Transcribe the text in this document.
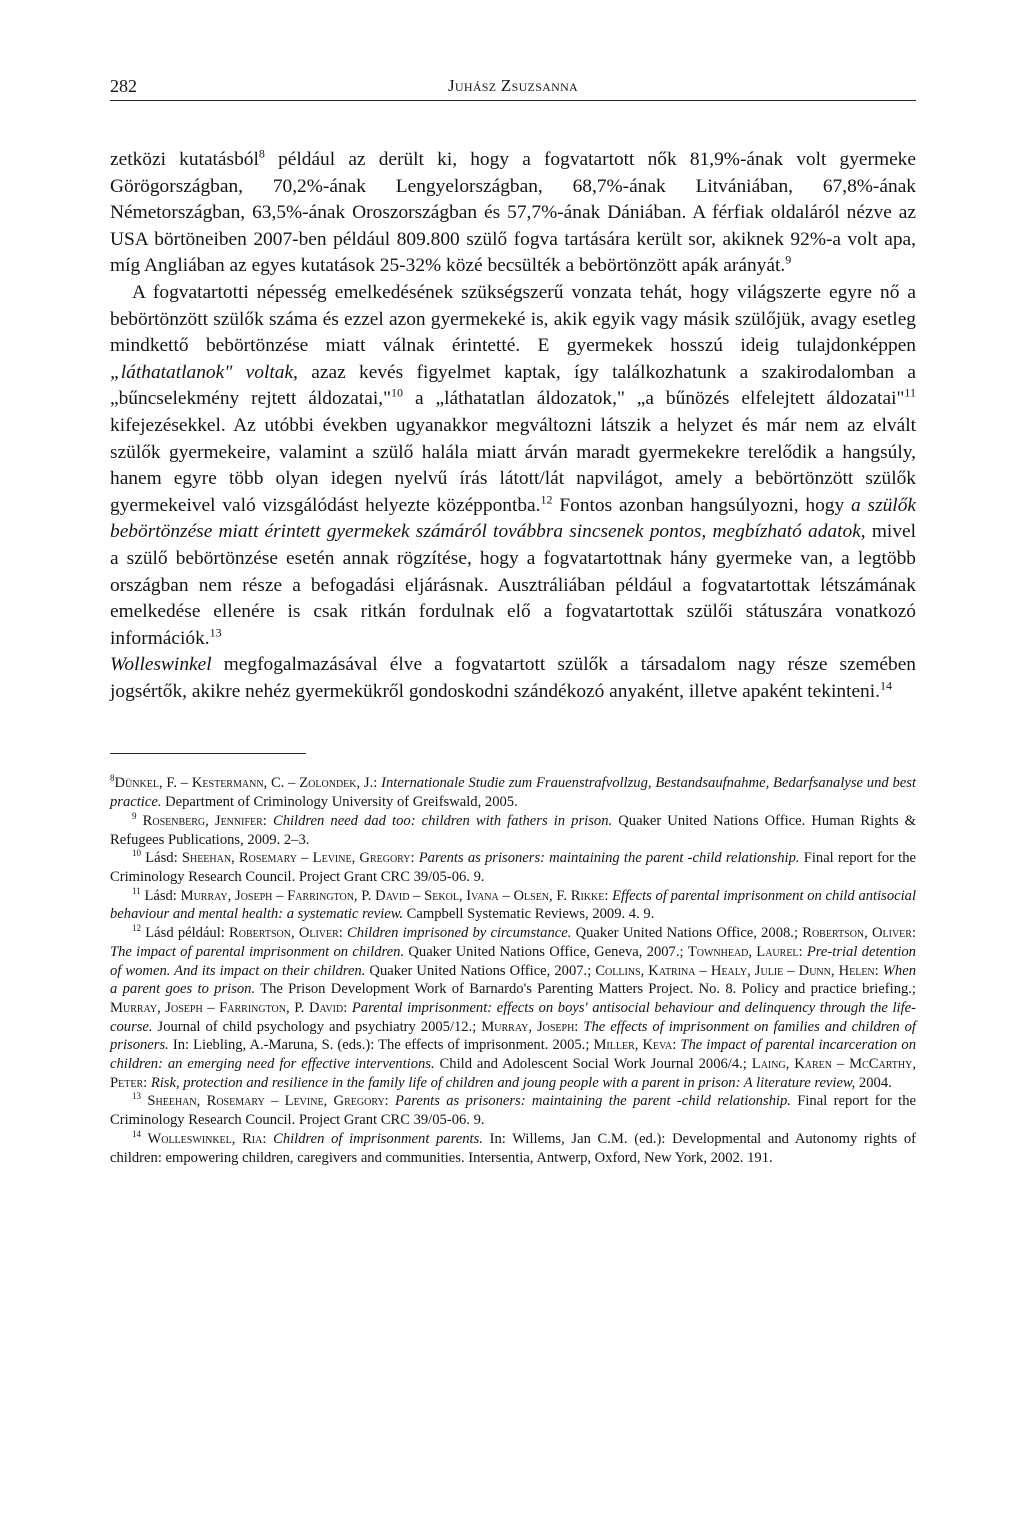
282	Juhász Zsuzsanna

zetközi kutatásból$^8$ például az derült ki, hogy a fogvatartott nők 81,9%-ának volt gyermeke Görögországban, 70,2%-ának Lengyelországban, 68,7%-ának Litvániában, 67,8%-ának Németországban, 63,5%-ának Oroszországban és 57,7%-ának Dániában. A férfiak oldaláról nézve az USA börtöneiben 2007-ben például 809.800 szülő fogva tartására került sor, akiknek 92%-a volt apa, míg Angliában az egyes kutatások 25-32% közé becsülték a bebörtönzött apák arányát.$^9$

A fogvatartotti népesség emelkedésének szükségszerű vonzata tehát, hogy világszerte egyre nő a bebörtönzött szülők száma és ezzel azon gyermekeké is, akik egyik vagy másik szülőjük, avagy esetleg mindkettő bebörtönzése miatt válnak érintetté. E gyermekek hosszú ideig tulajdonképpen „láthatatlanok" voltak, azaz kevés figyelmet kaptak, így találkozhatunk a szakirodalomban a „bűncselekmény rejtett áldozatai,"$^{10}$ a „láthatatlan áldozatok," „a bűnözés elfelejtett áldozatai"$^{11}$ kifejezésekkel. Az utóbbi években ugyanakkor megváltozni látszik a helyzet és már nem az elvált szülők gyermekeire, valamint a szülő halála miatt árván maradt gyermekekre terelődik a hangsúly, hanem egyre több olyan idegen nyelvű írás látott/lát napvilágot, amely a bebörtönzött szülők gyermekeivel való vizsgálódást helyezte középpontba.$^{12}$ Fontos azonban hangsúlyozni, hogy a szülők bebörtönzése miatt érintett gyermekek számáról továbbra sincsenek pontos, megbízható adatok, mivel a szülő bebörtönzése esetén annak rögzítése, hogy a fogvatartottnak hány gyermeke van, a legtöbb országban nem része a befogadási eljárásnak. Ausztráliában például a fogvatartottak létszámának emelkedése ellenére is csak ritkán fordulnak elő a fogvatartottak szülői státuszára vonatkozó információk.$^{13}$
Wolleswinkel megfogalmazásával élve a fogvatartott szülők a társadalom nagy része szemében jogsértők, akikre nehéz gyermekükről gondoskodni szándékozó anyaként, illetve apaként tekinteni.$^{14}$

$^8$Dünkel, F. – Kestermann, C. – Zolondek, J.: Internationale Studie zum Frauenstrafvollzug, Bestandsaufnahme, Bedarfsanalyse und best practice. Department of Criminology University of Greifswald, 2005.

$^9$ Rosenberg, Jennifer: Children need dad too: children with fathers in prison. Quaker United Nations Office. Human Rights & Refugees Publications, 2009. 2–3.

$^{10}$ Lásd: Sheehan, Rosemary – Levine, Gregory: Parents as prisoners: maintaining the parent -child relationship. Final report for the Criminology Research Council. Project Grant CRC 39/05-06. 9.

$^{11}$ Lásd: Murray, Joseph – Farrington, P. David – Sekol, Ivana – Olsen, F. Rikke: Effects of parental imprisonment on child antisocial behaviour and mental health: a systematic review. Campbell Systematic Reviews, 2009. 4. 9.

$^{12}$ Lásd például: Robertson, Oliver: Children imprisoned by circumstance. Quaker United Nations Office, 2008.; Robertson, Oliver: The impact of parental imprisonment on children. Quaker United Nations Office, Geneva, 2007.; Townhead, Laurel: Pre-trial detention of women. And its impact on their children. Quaker United Nations Office, 2007.; Collins, Katrina – Healy, Julie – Dunn, Helen: When a parent goes to prison. The Prison Development Work of Barnardo's Parenting Matters Project. No. 8. Policy and practice briefing.; Murray, Joseph – Farrington, P. David: Parental imprisonment: effects on boys' antisocial behaviour and delinquency through the life-course. Journal of child psychology and psychiatry 2005/12.; Murray, Joseph: The effects of imprisonment on families and children of prisoners. In: Liebling, A.-Maruna, S. (eds.): The effects of imprisonment. 2005.; Miller, Keva: The impact of parental incarceration on children: an emerging need for effective interventions. Child and Adolescent Social Work Journal 2006/4.; Laing, Karen – McCarthy, Peter: Risk, protection and resilience in the family life of children and joung people with a parent in prison: A literature review, 2004.

$^{13}$ Sheehan, Rosemary – Levine, Gregory: Parents as prisoners: maintaining the parent -child relationship. Final report for the Criminology Research Council. Project Grant CRC 39/05-06. 9.

$^{14}$ Wolleswinkel, Ria: Children of imprisonment parents. In: Willems, Jan C.M. (ed.): Developmental and Autonomy rights of children: empowering children, caregivers and communities. Intersentia, Antwerp, Oxford, New York, 2002. 191.
